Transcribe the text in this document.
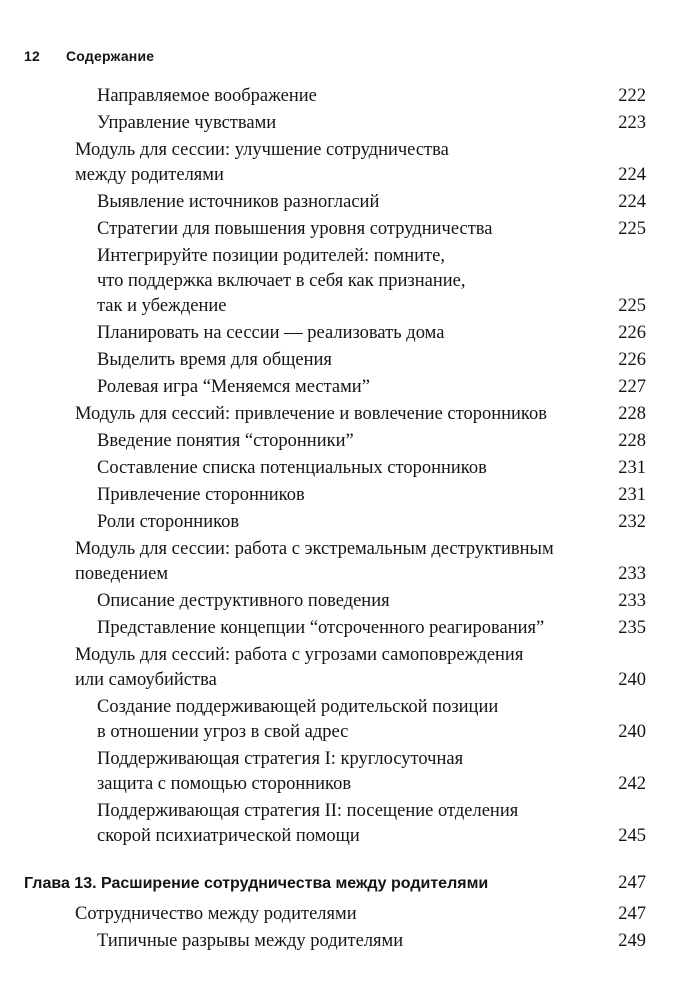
12 Содержание
Направляемое воображение	222
Управление чувствами	223
Модуль для сессии: улучшение сотрудничества
между родителями	224
Выявление источников разногласий	224
Стратегии для повышения уровня сотрудничества	225
Интегрируйте позиции родителей: помните,
что поддержка включает в себя как признание,
так и убеждение	225
Планировать на сессии — реализовать дома	226
Выделить время для общения	226
Ролевая игра “Меняемся местами”	227
Модуль для сессий: привлечение и вовлечение сторонников	228
Введение понятия “сторонники”	228
Составление списка потенциальных сторонников	231
Привлечение сторонников	231
Роли сторонников	232
Модуль для сессии: работа с экстремальным деструктивным
поведением	233
Описание деструктивного поведения	233
Представление концепции “отсроченного реагирования”	235
Модуль для сессий: работа с угрозами самоповреждения
или самоубийства	240
Создание поддерживающей родительской позиции
в отношении угроз в свой адрес	240
Поддерживающая стратегия I: круглосуточная
защита с помощью сторонников	242
Поддерживающая стратегия II: посещение отделения
скорой психиатрической помощи	245
Глава 13. Расширение сотрудничества между родителями	247
Сотрудничество между родителями	247
Типичные разрывы между родителями	249
